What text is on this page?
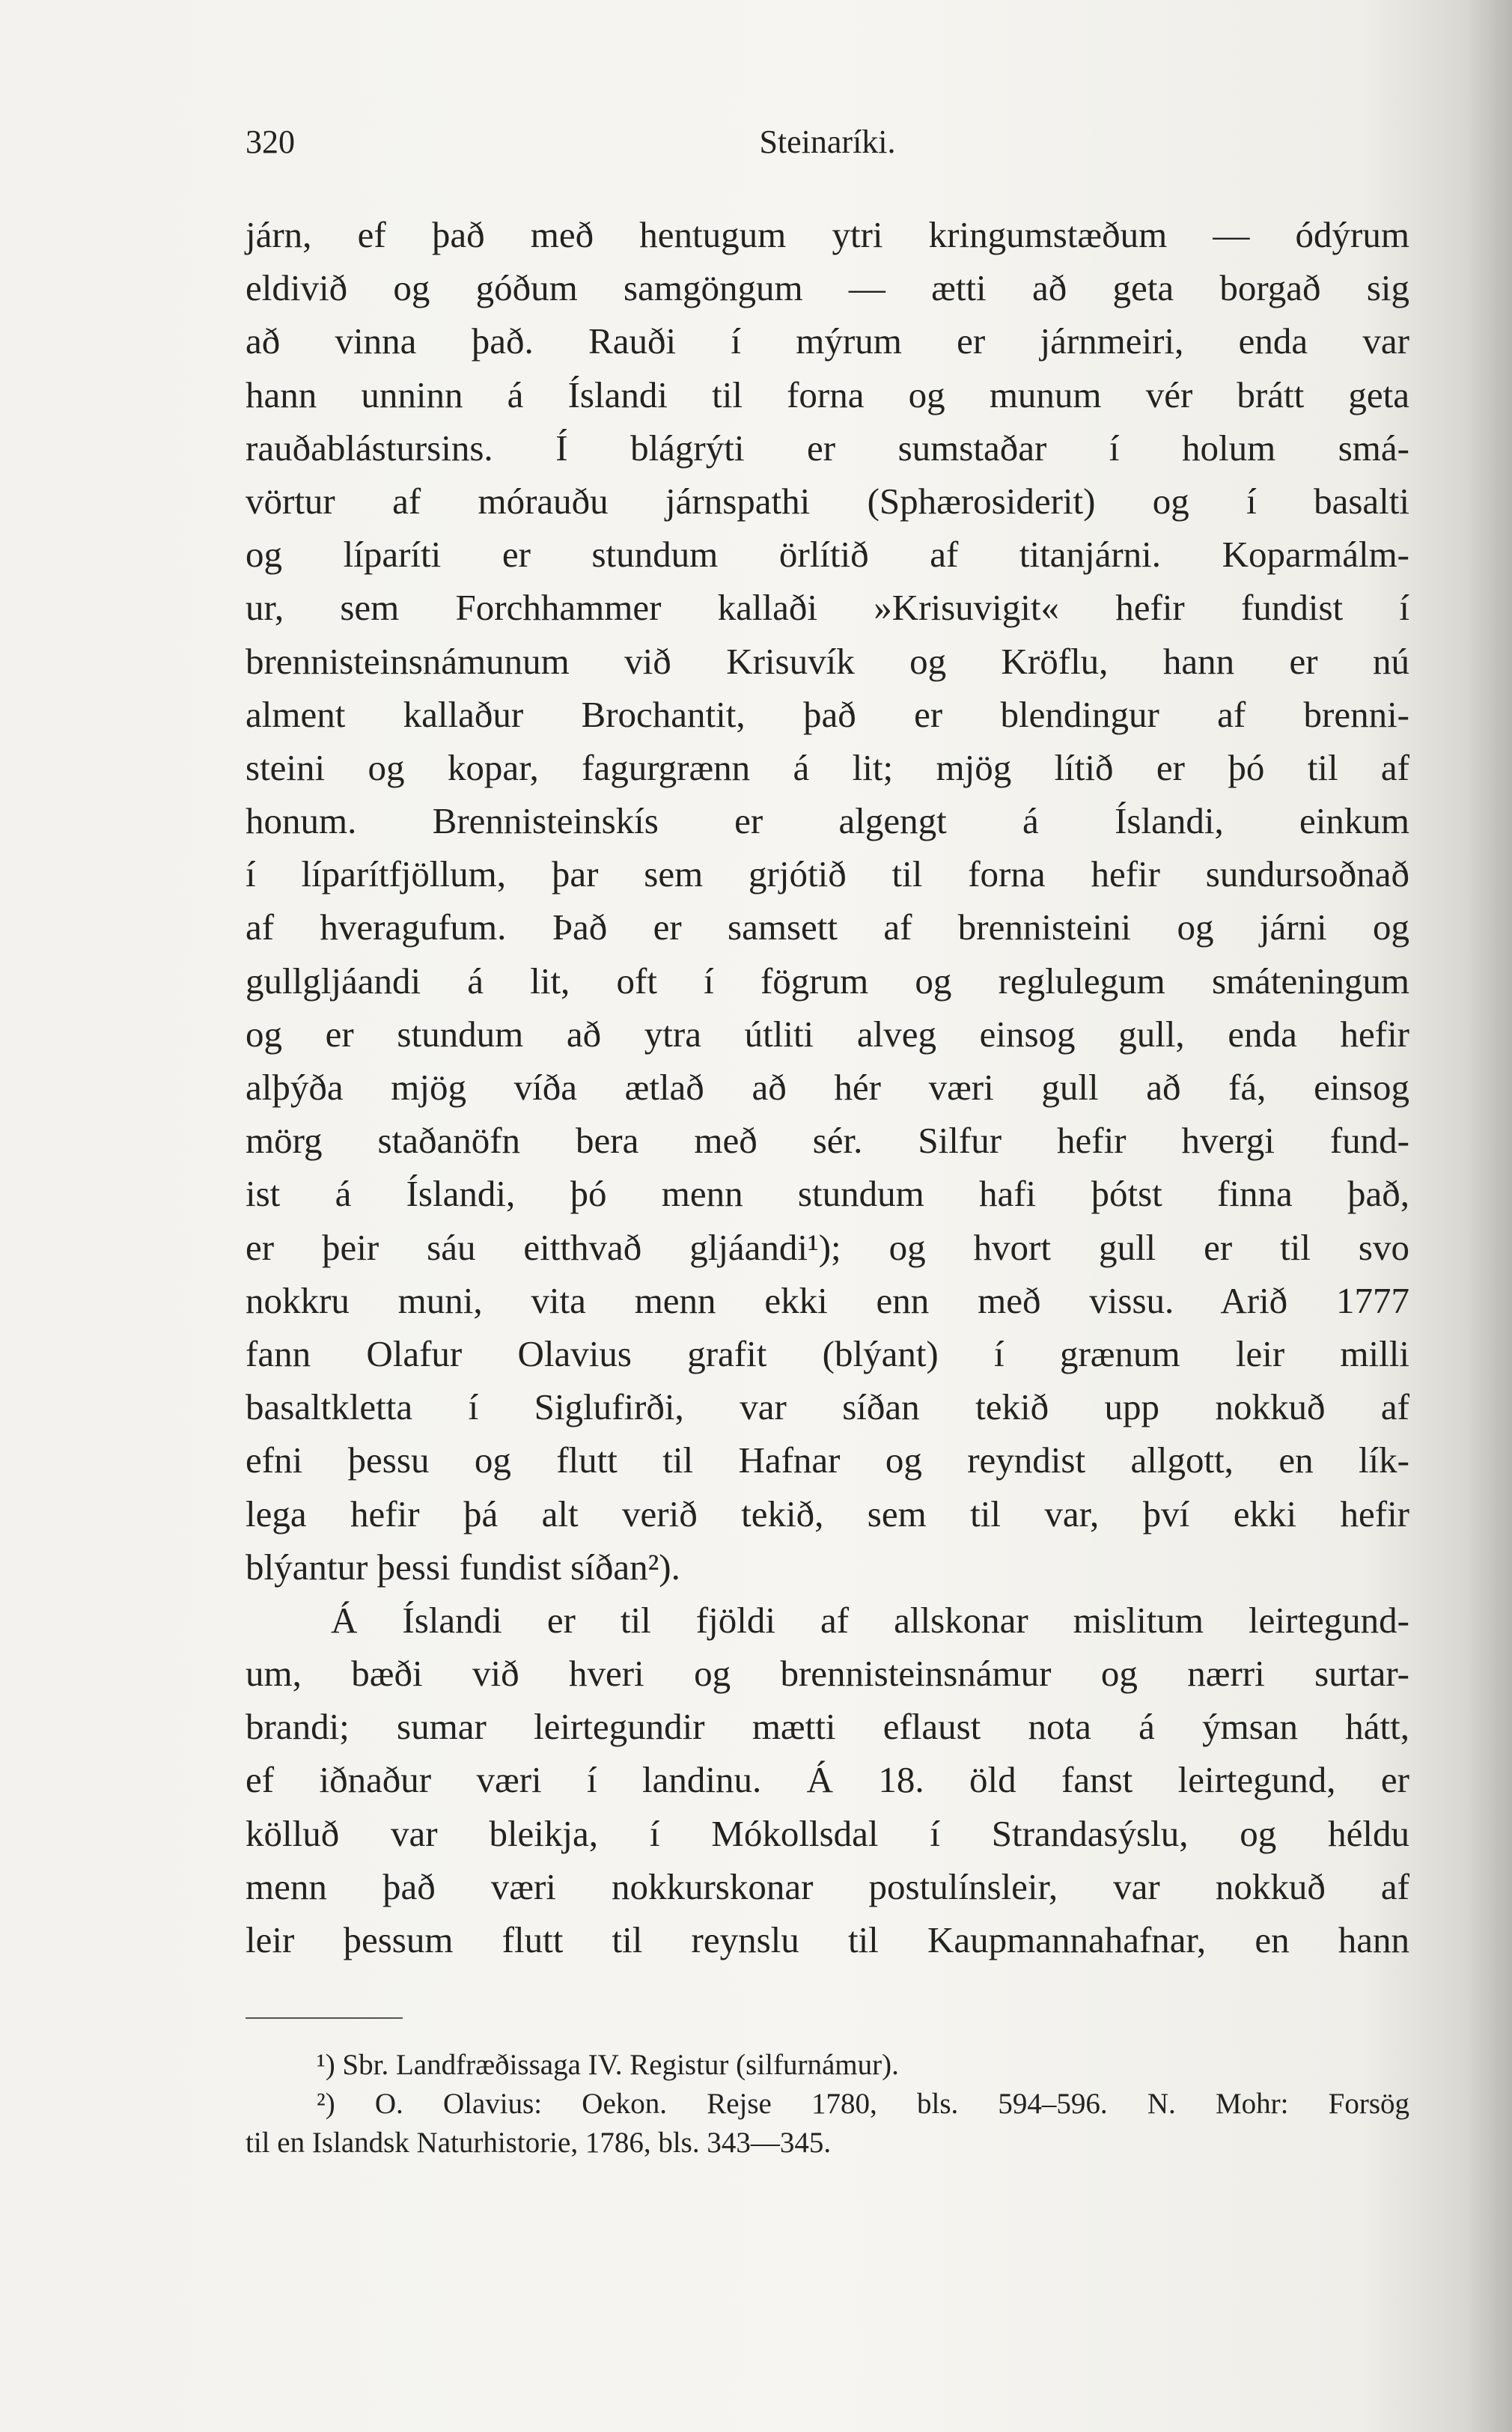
320	Steinaríki.
járn, ef það með hentugum ytri kringumstæðum — ódýrum
eldivið og góðum samgöngum — ætti að geta borgað sig
að vinna það. Rauði í mýrum er járnmeiri, enda var
hann unninn á Íslandi til forna og munum vér brátt geta
rauðablástursins. Í blágrýti er sumstaðar í holum smá-
vörtur af mórauðu járnspathi (Sphærosiderit) og í basalti
og líparíti er stundum örlítið af titanjárni. Koparmálm-
ur, sem Forchhammer kallaði »Krisuvigit« hefir fundist í
brennisteinsnámunum við Krisuvík og Kröflu, hann er nú
alment kallaður Brochantit, það er blendingur af brenni-
steini og kopar, fagurgrænn á lit; mjög lítið er þó til af
honum. Brennisteinskís er algengt á Íslandi, einkum
í líparítfjöllum, þar sem grjótið til forna hefir sundursoðnað
af hveragufum. Það er samsett af brennisteini og járni og
gullgljáandi á lit, oft í fögrum og reglulegum smáteningum
og er stundum að ytra útliti alveg einsog gull, enda hefir
alþýða mjög víða ætlað að hér væri gull að fá, einsog
mörg staðanöfn bera með sér. Silfur hefir hvergi fund-
ist á Íslandi, þó menn stundum hafi þótst finna það,
er þeir sáu eitthvað gljáandi¹); og hvort gull er til svo
nokkru muni, vita menn ekki enn með vissu. Arið 1777
fann Olafur Olavius grafit (blýant) í grænum leir milli
basaltkletta í Siglufirði, var síðan tekið upp nokkuð af
efni þessu og flutt til Hafnar og reyndist allgott, en lík-
lega hefir þá alt verið tekið, sem til var, því ekki hefir
blýantur þessi fundist síðan²).
Á Íslandi er til fjöldi af allskonar mislitum leirtegund-
um, bæði við hveri og brennisteinsnámur og nærri surtar-
brandi; sumar leirtegundir mætti eflaust nota á ýmsan hátt,
ef iðnaður væri í landinu. Á 18. öld fanst leirtegund, er
kölluð var bleikja, í Mókollsdal í Strandasýslu, og héldu
menn það væri nokkurskonar postulínsleir, var nokkuð af
leir þessum flutt til reynslu til Kaupmannahafnar, en hann
¹) Sbr. Landfræðissaga IV. Registur (silfurnámur).
²) O. Olavius: Oekon. Rejse 1780, bls. 594–596. N. Mohr: Forsög
til en Islandsk Naturhistorie, 1786, bls. 343—345.
